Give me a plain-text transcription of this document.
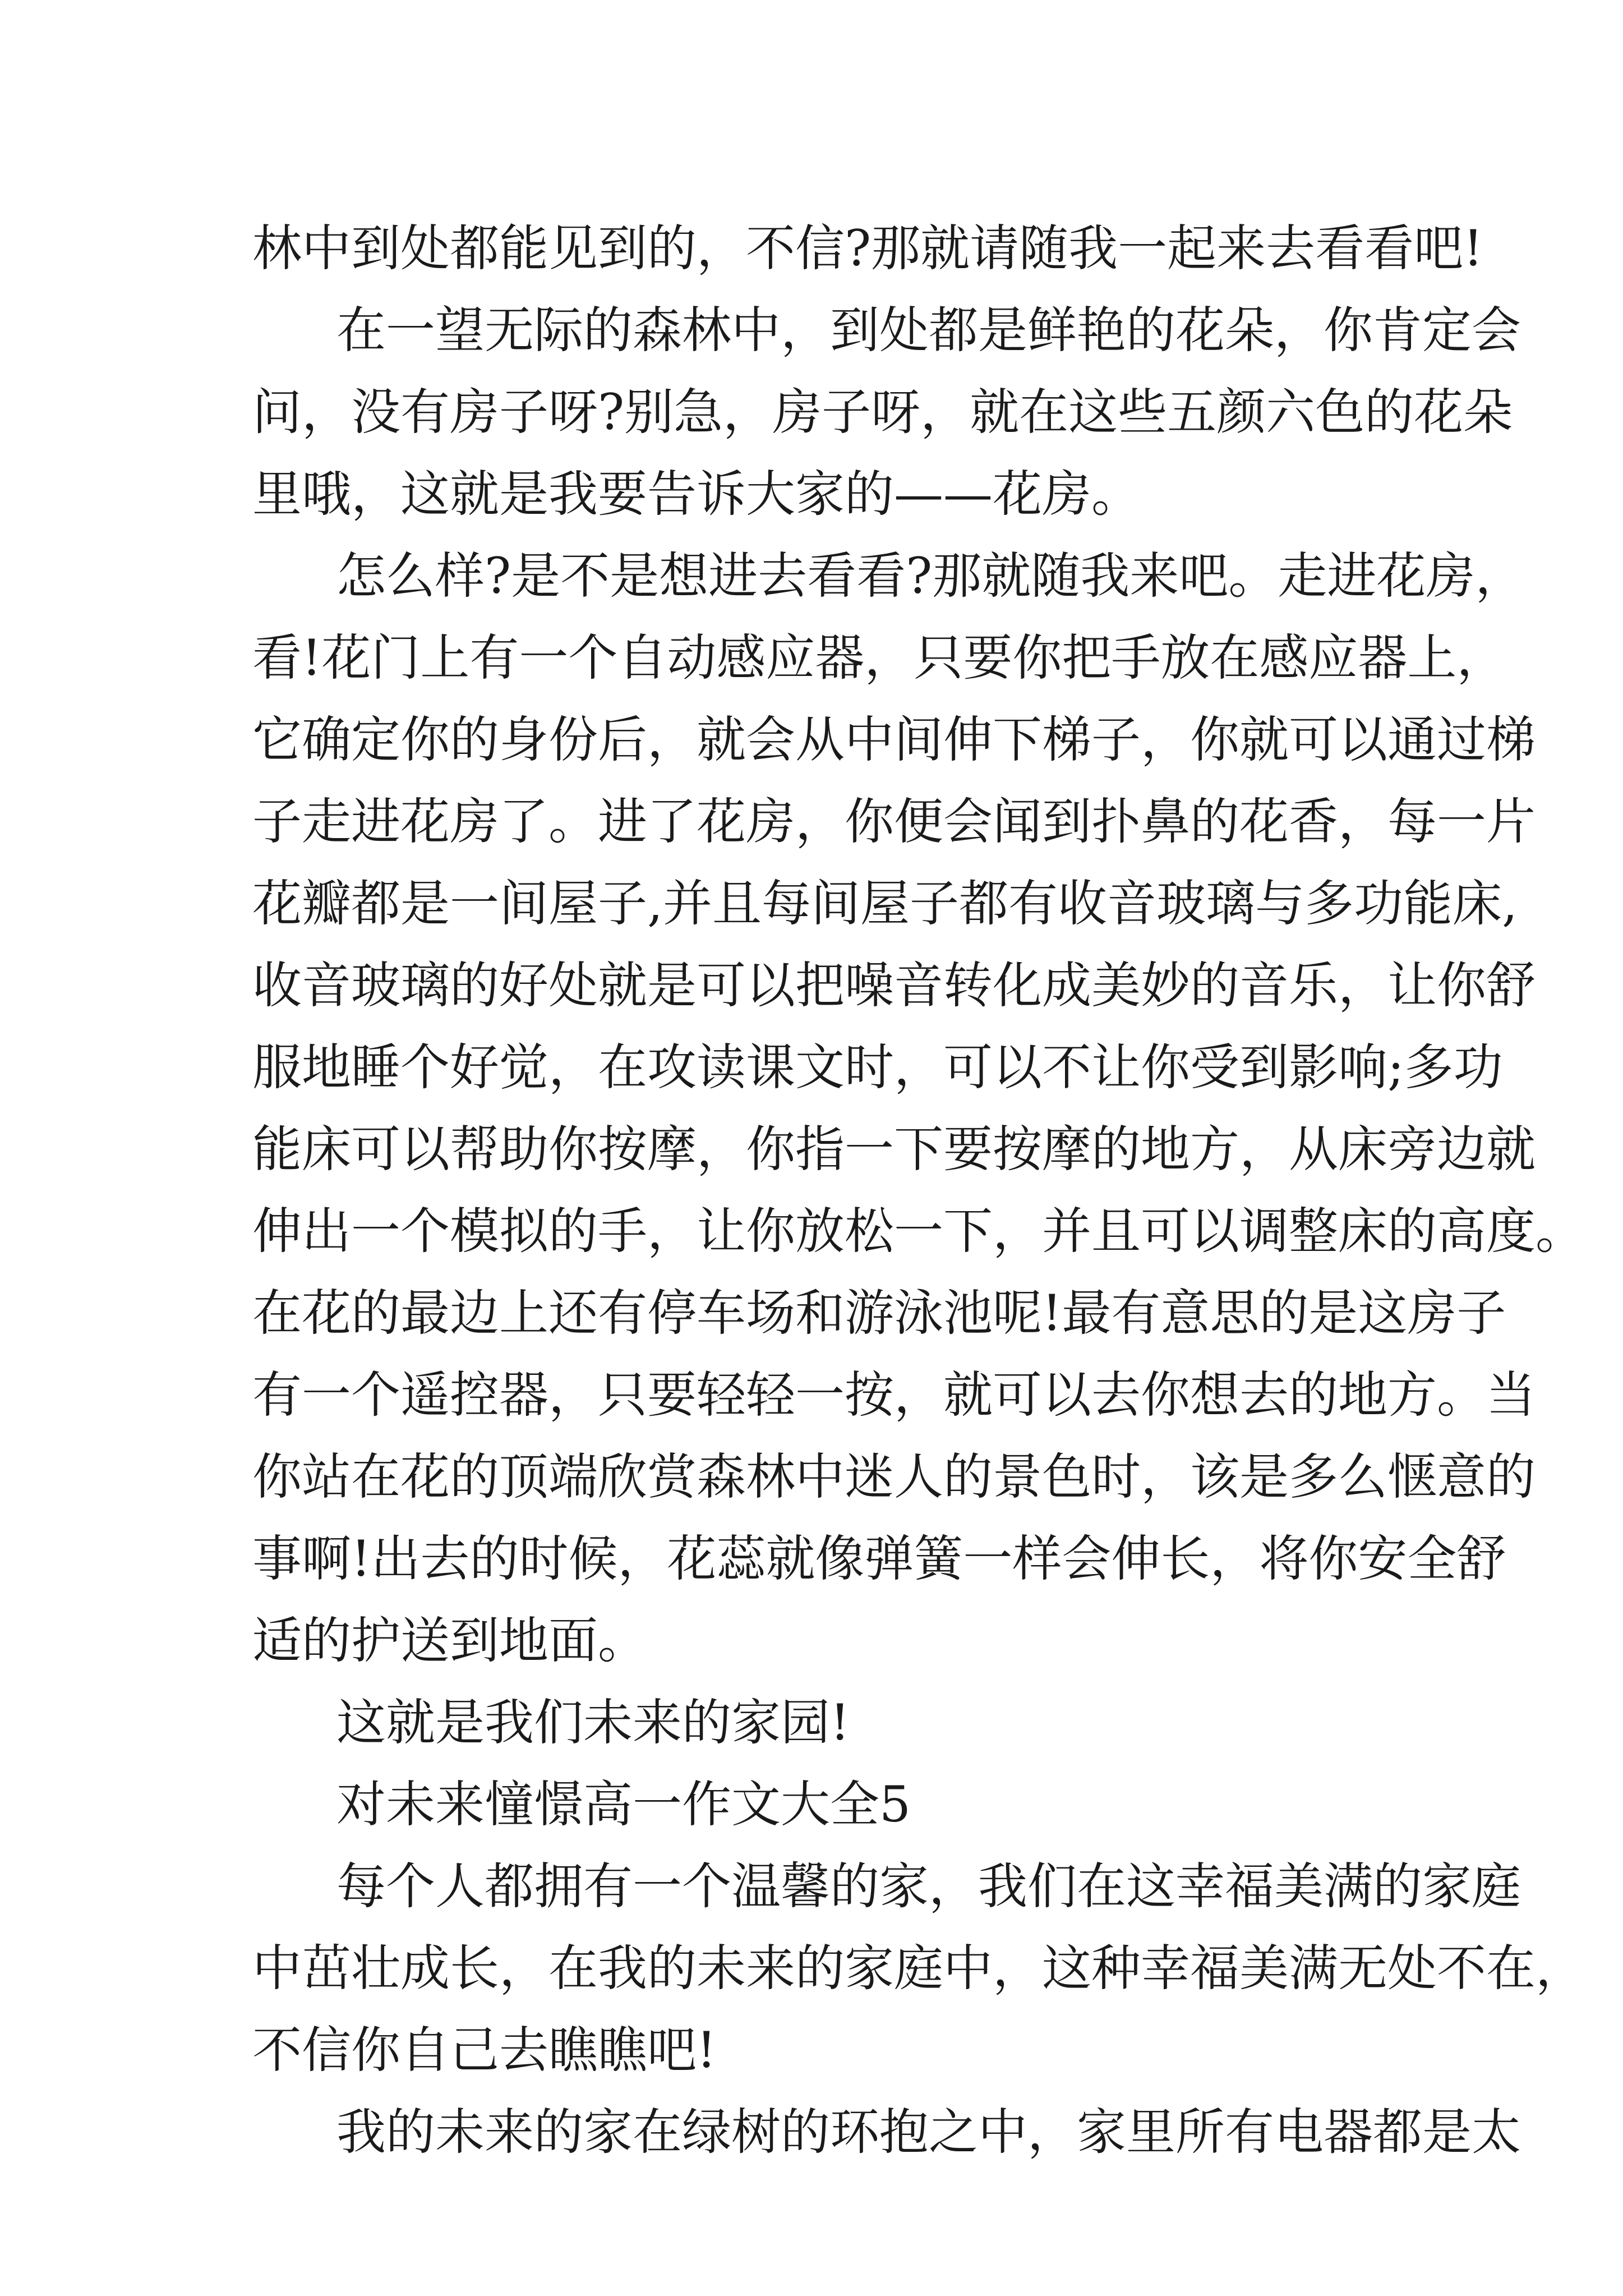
林中到处都能见到的，不信?那就请随我一起来去看看吧!
在一望无际的森林中，到处都是鲜艳的花朵，你肯定会
问，没有房子呀?别急，房子呀，就在这些五颜六色的花朵
里哦，这就是我要告诉大家的——花房。
怎么样?是不是想进去看看?那就随我来吧。走进花房，
看!花门上有一个自动感应器，只要你把手放在感应器上，
它确定你的身份后，就会从中间伸下梯子，你就可以通过梯
子走进花房了。进了花房，你便会闻到扑鼻的花香，每一片
花瓣都是一间屋子,并且每间屋子都有收音玻璃与多功能床,
收音玻璃的好处就是可以把噪音转化成美妙的音乐，让你舒
服地睡个好觉，在攻读课文时，可以不让你受到影响;多功
能床可以帮助你按摩，你指一下要按摩的地方，从床旁边就
伸出一个模拟的手，让你放松一下，并且可以调整床的高度。
在花的最边上还有停车场和游泳池呢!最有意思的是这房子
有一个遥控器，只要轻轻一按，就可以去你想去的地方。当
你站在花的顶端欣赏森林中迷人的景色时，该是多么惬意的
事啊!出去的时候，花蕊就像弹簧一样会伸长，将你安全舒
适的护送到地面。
这就是我们未来的家园!
对未来憧憬高一作文大全5
每个人都拥有一个温馨的家，我们在这幸福美满的家庭
中茁壮成长，在我的未来的家庭中，这种幸福美满无处不在，
不信你自己去瞧瞧吧!
我的未来的家在绿树的环抱之中，家里所有电器都是太
